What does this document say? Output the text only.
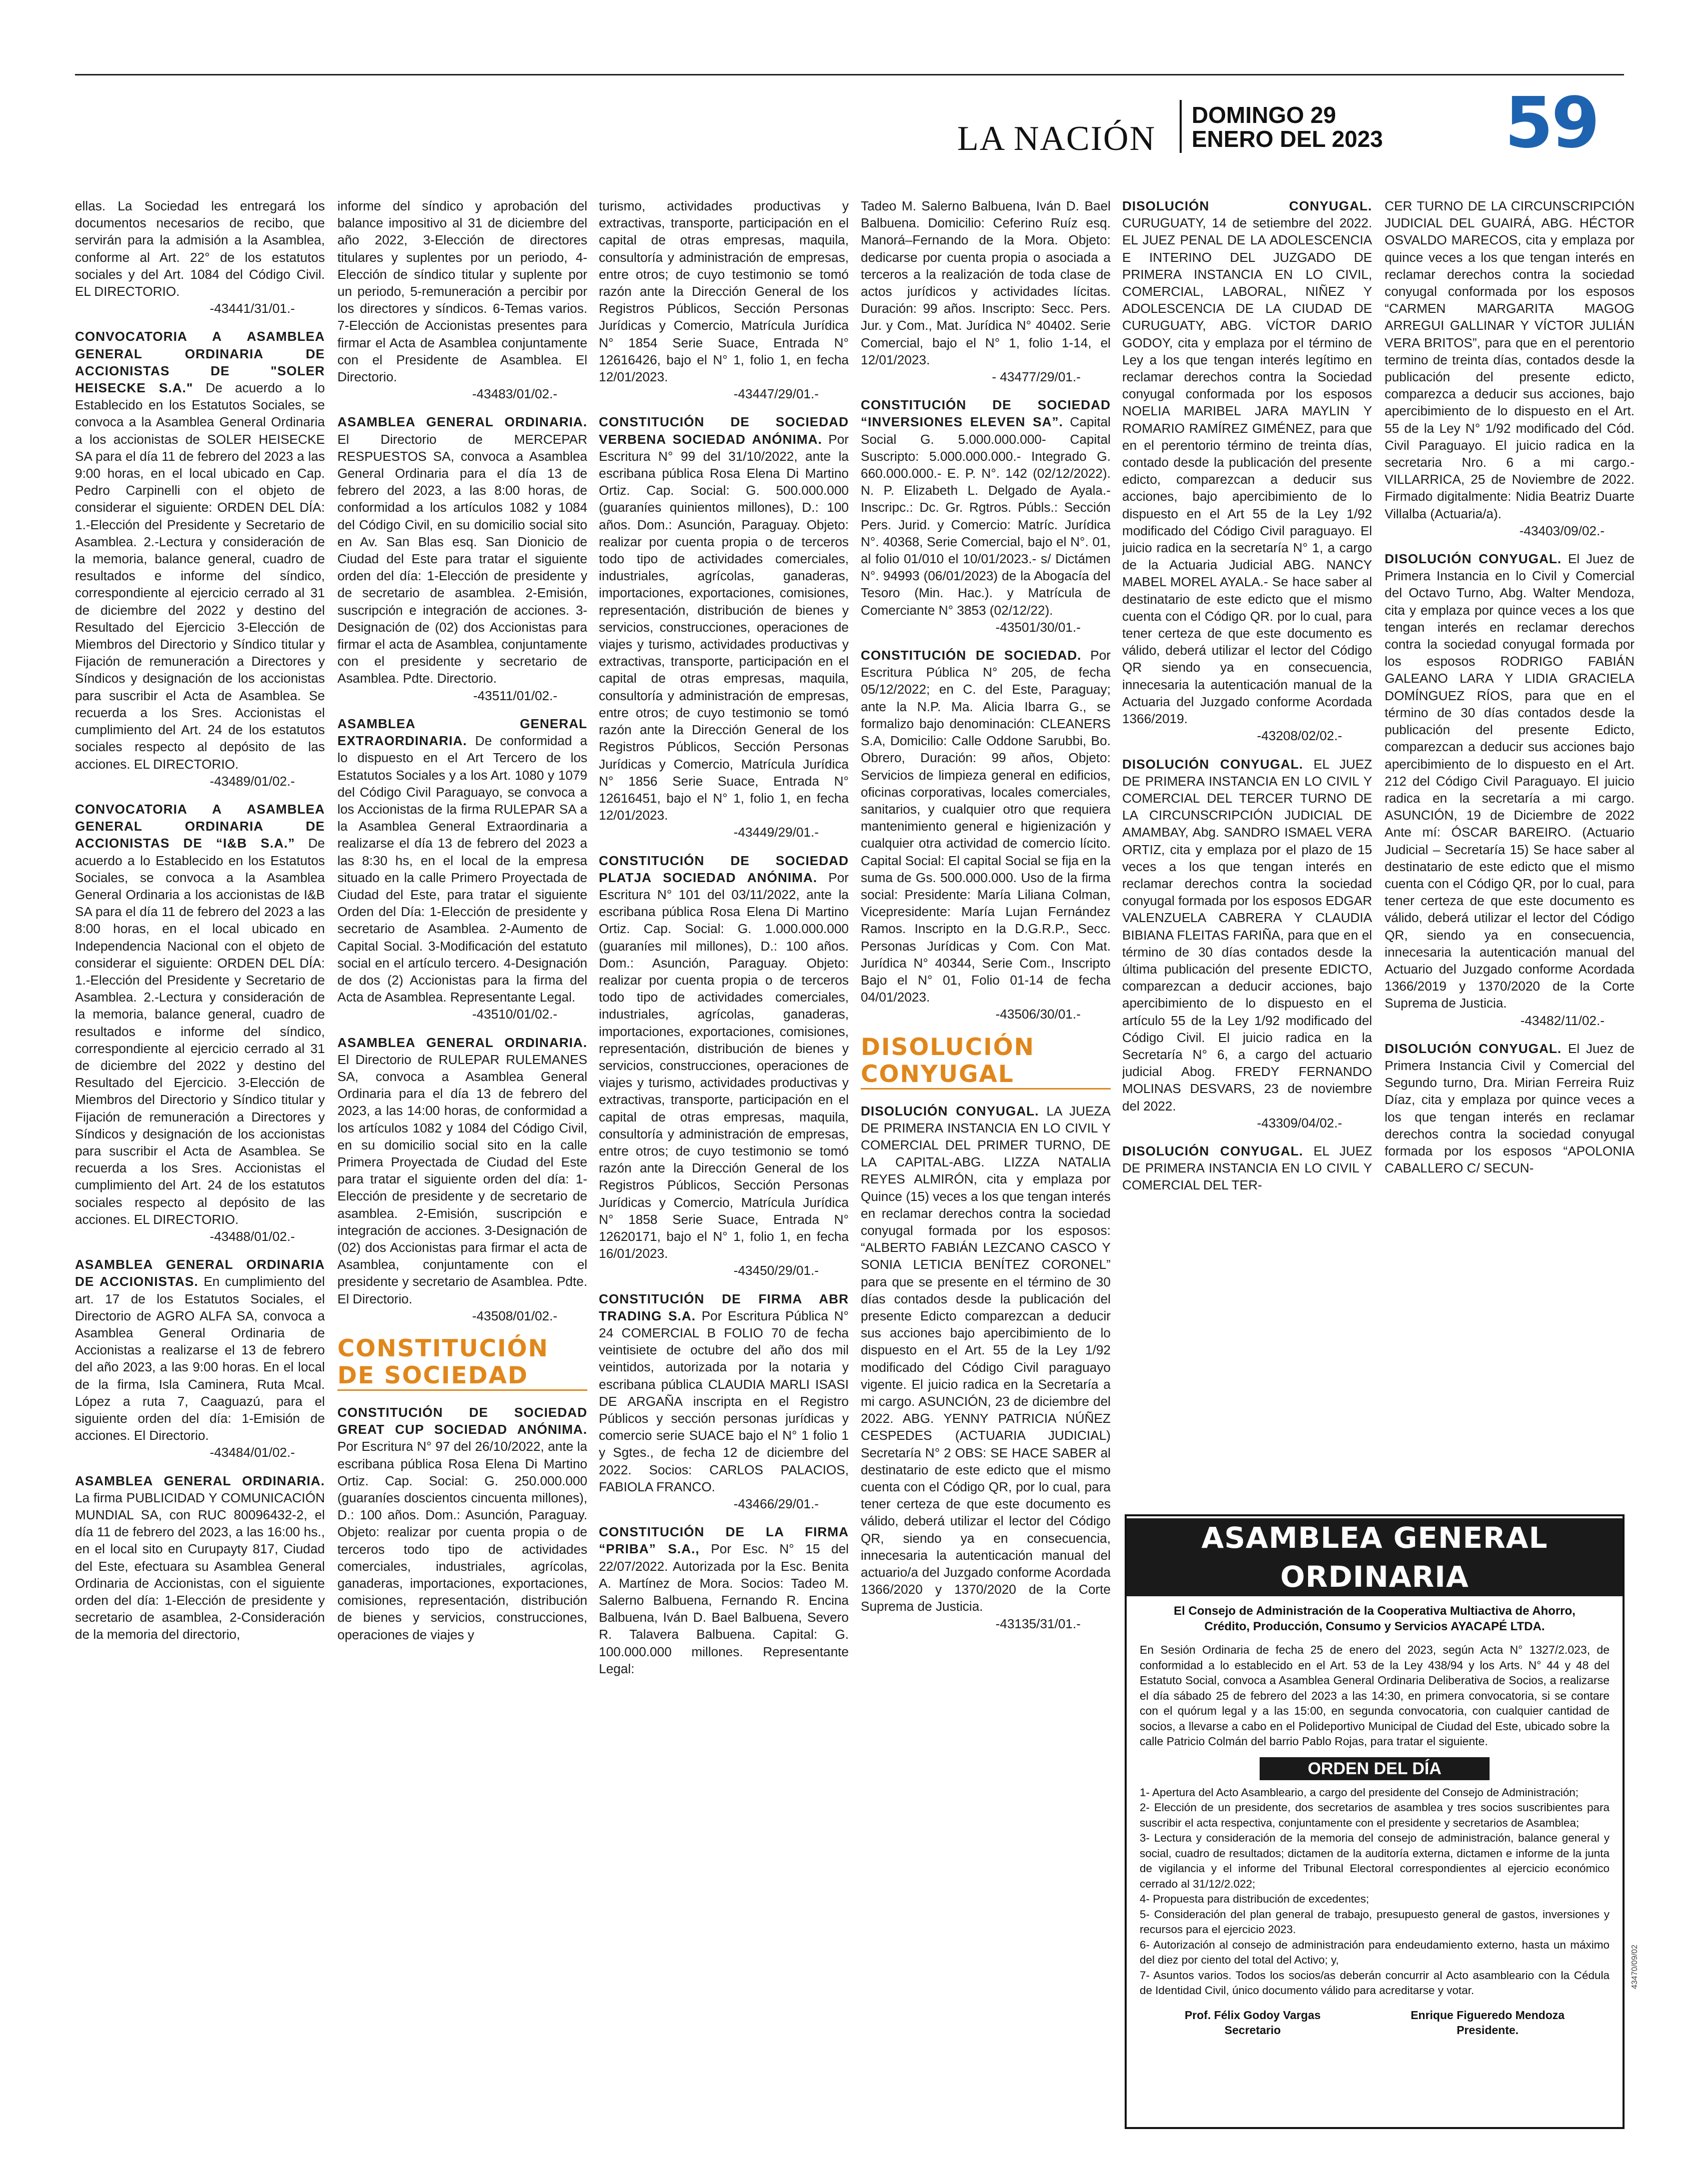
LA NACIÓN
DOMINGO 29
ENERO DEL 2023 59
ellas. La Sociedad les entregará los documentos necesarios de recibo, que servirán para la admisión a la Asamblea, conforme al Art. 22° de los estatutos sociales y del Art. 1084 del Código Civil. EL DIRECTORIO.
-43441/31/01.-
CONVOCATORIA A ASAMBLEA GENERAL ORDINARIA DE ACCIONISTAS DE "SOLER HEISECKE S.A." De acuerdo a lo Establecido en los Estatutos Sociales, se convoca a la Asamblea General Ordinaria a los accionistas de SOLER HEISECKE SA para el día 11 de febrero del 2023 a las 9:00 horas, en el local ubicado en Cap. Pedro Carpinelli con el objeto de considerar el siguiente: ORDEN DEL DÍA: 1.-Elección del Presidente y Secretario de Asamblea. 2.-Lectura y consideración de la memoria, balance general, cuadro de resultados e informe del síndico, correspondiente al ejercicio cerrado al 31 de diciembre del 2022 y destino del Resultado del Ejercicio 3-Elección de Miembros del Directorio y Síndico titular y Fijación de remuneración a Directores y Síndicos y designación de los accionistas para suscribir el Acta de Asamblea. Se recuerda a los Sres. Accionistas el cumplimiento del Art. 24 de los estatutos sociales respecto al depósito de las acciones. EL DIRECTORIO.
-43489/01/02.-
CONVOCATORIA A ASAMBLEA GENERAL ORDINARIA DE ACCIONISTAS DE “I&B S.A.” De acuerdo a lo Establecido en los Estatutos Sociales, se convoca a la Asamblea General Ordinaria a los accionistas de I&B SA para el día 11 de febrero del 2023 a las 8:00 horas, en el local ubicado en Independencia Nacional con el objeto de considerar el siguiente: ORDEN DEL DÍA: 1.-Elección del Presidente y Secretario de Asamblea. 2.-Lectura y consideración de la memoria, balance general, cuadro de resultados e informe del síndico, correspondiente al ejercicio cerrado al 31 de diciembre del 2022 y destino del Resultado del Ejercicio. 3-Elección de Miembros del Directorio y Síndico titular y Fijación de remuneración a Directores y Síndicos y designación de los accionistas para suscribir el Acta de Asamblea. Se recuerda a los Sres. Accionistas el cumplimiento del Art. 24 de los estatutos sociales respecto al depósito de las acciones. EL DIRECTORIO.
-43488/01/02.-
ASAMBLEA GENERAL ORDINARIA DE ACCIONISTAS. En cumplimiento del art. 17 de los Estatutos Sociales, el Directorio de AGRO ALFA SA, convoca a Asamblea General Ordinaria de Accionistas a realizarse el 13 de febrero del año 2023, a las 9:00 horas. En el local de la firma, Isla Caminera, Ruta Mcal. López a ruta 7, Caaguazú, para el siguiente orden del día: 1-Emisión de acciones. El Directorio.
-43484/01/02.-
ASAMBLEA GENERAL ORDINARIA. La firma PUBLICIDAD Y COMUNICACIÓN MUNDIAL SA, con RUC 80096432-2, el día 11 de febrero del 2023, a las 16:00 hs., en el local sito en Curupayty 817, Ciudad del Este, efectuara su Asamblea General Ordinaria de Accionistas, con el siguiente orden del día: 1-Elección de presidente y secretario de asamblea, 2-Consideración de la memoria del directorio,
informe del síndico y aprobación del balance impositivo al 31 de diciembre del año 2022, 3-Elección de directores titulares y suplentes por un periodo, 4-Elección de síndico titular y suplente por un periodo, 5-remuneración a percibir por los directores y síndicos. 6-Temas varios. 7-Elección de Accionistas presentes para firmar el Acta de Asamblea conjuntamente con el Presidente de Asamblea. El Directorio.
-43483/01/02.-
ASAMBLEA GENERAL ORDINARIA. El Directorio de MERCEPAR RESPUESTOS SA, convoca a Asamblea General Ordinaria para el día 13 de febrero del 2023, a las 8:00 horas, de conformidad a los artículos 1082 y 1084 del Código Civil, en su domicilio social sito en Av. San Blas esq. San Dionicio de Ciudad del Este para tratar el siguiente orden del día: 1-Elección de presidente y de secretario de asamblea. 2-Emisión, suscripción e integración de acciones. 3-Designación de (02) dos Accionistas para firmar el acta de Asamblea, conjuntamente con el presidente y secretario de Asamblea. Pdte. Directorio.
-43511/01/02.-
ASAMBLEA GENERAL EXTRAORDINARIA. De conformidad a lo dispuesto en el Art Tercero de los Estatutos Sociales y a los Art. 1080 y 1079 del Código Civil Paraguayo, se convoca a los Accionistas de la firma RULEPAR SA a la Asamblea General Extraordinaria a realizarse el día 13 de febrero del 2023 a las 8:30 hs, en el local de la empresa situado en la calle Primero Proyectada de Ciudad del Este, para tratar el siguiente Orden del Día: 1-Elección de presidente y secretario de Asamblea. 2-Aumento de Capital Social. 3-Modificación del estatuto social en el artículo tercero. 4-Designación de dos (2) Accionistas para la firma del Acta de Asamblea. Representante Legal.
-43510/01/02.-
ASAMBLEA GENERAL ORDINARIA. El Directorio de RULEPAR RULEMANES SA, convoca a Asamblea General Ordinaria para el día 13 de febrero del 2023, a las 14:00 horas, de conformidad a los artículos 1082 y 1084 del Código Civil, en su domicilio social sito en la calle Primera Proyectada de Ciudad del Este para tratar el siguiente orden del día: 1-Elección de presidente y de secretario de asamblea. 2-Emisión, suscripción e integración de acciones. 3-Designación de (02) dos Accionistas para firmar el acta de Asamblea, conjuntamente con el presidente y secretario de Asamblea. Pdte. El Directorio.
-43508/01/02.-
CONSTITUCIÓN DE SOCIEDAD
CONSTITUCIÓN DE SOCIEDAD GREAT CUP SOCIEDAD ANÓNIMA. Por Escritura N° 97 del 26/10/2022, ante la escribana pública Rosa Elena Di Martino Ortiz. Cap. Social: G. 250.000.000 (guaraníes doscientos cincuenta millones), D.: 100 años. Dom.: Asunción, Paraguay. Objeto: realizar por cuenta propia o de terceros todo tipo de actividades comerciales, industriales, agrícolas, ganaderas, importaciones, exportaciones, comisiones, representación, distribución de bienes y servicios, construcciones, operaciones de viajes y
turismo, actividades productivas y extractivas, transporte, participación en el capital de otras empresas, maquila, consultoría y administración de empresas, entre otros; de cuyo testimonio se tomó razón ante la Dirección General de los Registros Públicos, Sección Personas Jurídicas y Comercio, Matrícula Jurídica N° 1854 Serie Suace, Entrada N° 12616426, bajo el N° 1, folio 1, en fecha 12/01/2023.
-43447/29/01.-
CONSTITUCIÓN DE SOCIEDAD VERBENA SOCIEDAD ANÓNIMA. Por Escritura N° 99 del 31/10/2022, ante la escribana pública Rosa Elena Di Martino Ortiz. Cap. Social: G. 500.000.000 (guaraníes quinientos millones), D.: 100 años. Dom.: Asunción, Paraguay. Objeto: realizar por cuenta propia o de terceros todo tipo de actividades comerciales, industriales, agrícolas, ganaderas, importaciones, exportaciones, comisiones, representación, distribución de bienes y servicios, construcciones, operaciones de viajes y turismo, actividades productivas y extractivas, transporte, participación en el capital de otras empresas, maquila, consultoría y administración de empresas, entre otros; de cuyo testimonio se tomó razón ante la Dirección General de los Registros Públicos, Sección Personas Jurídicas y Comercio, Matrícula Jurídica N° 1856 Serie Suace, Entrada N° 12616451, bajo el N° 1, folio 1, en fecha 12/01/2023.
-43449/29/01.-
CONSTITUCIÓN DE SOCIEDAD PLATJA SOCIEDAD ANÓNIMA. Por Escritura N° 101 del 03/11/2022, ante la escribana pública Rosa Elena Di Martino Ortiz. Cap. Social: G. 1.000.000.000 (guaraníes mil millones), D.: 100 años. Dom.: Asunción, Paraguay. Objeto: realizar por cuenta propia o de terceros todo tipo de actividades comerciales, industriales, agrícolas, ganaderas, importaciones, exportaciones, comisiones, representación, distribución de bienes y servicios, construcciones, operaciones de viajes y turismo, actividades productivas y extractivas, transporte, participación en el capital de otras empresas, maquila, consultoría y administración de empresas, entre otros; de cuyo testimonio se tomó razón ante la Dirección General de los Registros Públicos, Sección Personas Jurídicas y Comercio, Matrícula Jurídica N° 1858 Serie Suace, Entrada N° 12620171, bajo el N° 1, folio 1, en fecha 16/01/2023.
-43450/29/01.-
CONSTITUCIÓN DE FIRMA ABR TRADING S.A. Por Escritura Pública N° 24 COMERCIAL B FOLIO 70 de fecha veintisiete de octubre del año dos mil veintidos, autorizada por la notaria y escribana pública CLAUDIA MARLI ISASI DE ARGAÑA inscripta en el Registro Públicos y sección personas jurídicas y comercio serie SUACE bajo el N° 1 folio 1 y Sgtes., de fecha 12 de diciembre del 2022. Socios: CARLOS PALACIOS, FABIOLA FRANCO.
-43466/29/01.-
CONSTITUCIÓN DE LA FIRMA “PRIBA” S.A., Por Esc. N° 15 del 22/07/2022. Autorizada por la Esc. Benita A. Martínez de Mora. Socios: Tadeo M. Salerno Balbuena, Fernando R. Encina Balbuena, Iván D. Bael Balbuena, Severo R. Talavera Balbuena. Capital: G. 100.000.000 millones. Representante Legal:
Tadeo M. Salerno Balbuena, Iván D. Bael Balbuena. Domicilio: Ceferino Ruíz esq. Manorá–Fernando de la Mora. Objeto: dedicarse por cuenta propia o asociada a terceros a la realización de toda clase de actos jurídicos y actividades lícitas. Duración: 99 años. Inscripto: Secc. Pers. Jur. y Com., Mat. Jurídica N° 40402. Serie Comercial, bajo el N° 1, folio 1-14, el 12/01/2023.
- 43477/29/01.-
CONSTITUCIÓN DE SOCIEDAD “INVERSIONES ELEVEN SA”. Capital Social G. 5.000.000.000- Capital Suscripto: 5.000.000.000.- Integrado G. 660.000.000.- E. P. N°. 142 (02/12/2022). N. P. Elizabeth L. Delgado de Ayala.- Inscripc.: Dc. Gr. Rgtros. Públs.: Sección Pers. Jurid. y Comercio: Matríc. Jurídica N°. 40368, Serie Comercial, bajo el N°. 01, al folio 01/010 el 10/01/2023.- s/ Dictámen N°. 94993 (06/01/2023) de la Abogacía del Tesoro (Min. Hac.). y Matrícula de Comerciante N° 3853 (02/12/22).
-43501/30/01.-
CONSTITUCIÓN DE SOCIEDAD. Por Escritura Pública N° 205, de fecha 05/12/2022; en C. del Este, Paraguay; ante la N.P. Ma. Alicia Ibarra G., se formalizo bajo denominación: CLEANERS S.A, Domicilio: Calle Oddone Sarubbi, Bo. Obrero, Duración: 99 años, Objeto: Servicios de limpieza general en edificios, oficinas corporativas, locales comerciales, sanitarios, y cualquier otro que requiera mantenimiento general e higienización y cualquier otra actividad de comercio lícito. Capital Social: El capital Social se fija en la suma de Gs. 500.000.000. Uso de la firma social: Presidente: María Liliana Colman, Vicepresidente: María Lujan Fernández Ramos. Inscripto en la D.G.R.P., Secc. Personas Jurídicas y Com. Con Mat. Jurídica N° 40344, Serie Com., Inscripto Bajo el N° 01, Folio 01-14 de fecha 04/01/2023.
-43506/30/01.-
DISOLUCIÓN CONYUGAL
DISOLUCIÓN CONYUGAL. LA JUEZA DE PRIMERA INSTANCIA EN LO CIVIL Y COMERCIAL DEL PRIMER TURNO, DE LA CAPITAL-ABG. LIZZA NATALIA REYES ALMIRÓN, cita y emplaza por Quince (15) veces a los que tengan interés en reclamar derechos contra la sociedad conyugal formada por los esposos: “ALBERTO FABIÁN LEZCANO CASCO Y SONIA LETICIA BENÍTEZ CORONEL” para que se presente en el término de 30 días contados desde la publicación del presente Edicto comparezcan a deducir sus acciones bajo apercibimiento de lo dispuesto en el Art. 55 de la Ley 1/92 modificado del Código Civil paraguayo vigente. El juicio radica en la Secretaría a mi cargo. ASUNCIÓN, 23 de diciembre del 2022. ABG. YENNY PATRICIA NÚÑEZ CESPEDES (ACTUARIA JUDICIAL) Secretaría N° 2 OBS: SE HACE SABER al destinatario de este edicto que el mismo cuenta con el Código QR, por lo cual, para tener certeza de que este documento es válido, deberá utilizar el lector del Código QR, siendo ya en consecuencia, innecesaria la autenticación manual del actuario/a del Juzgado conforme Acordada 1366/2020 y 1370/2020 de la Corte Suprema de Justicia.
-43135/31/01.-
DISOLUCIÓN CONYUGAL. CURUGUATY, 14 de setiembre del 2022. EL JUEZ PENAL DE LA ADOLESCENCIA E INTERINO DEL JUZGADO DE PRIMERA INSTANCIA EN LO CIVIL, COMERCIAL, LABORAL, NIÑEZ Y ADOLESCENCIA DE LA CIUDAD DE CURUGUATY, ABG. VÍCTOR DARIO GODOY, cita y emplaza por el término de Ley a los que tengan interés legítimo en reclamar derechos contra la Sociedad conyugal conformada por los esposos NOELIA MARIBEL JARA MAYLIN Y ROMARIO RAMÍREZ GIMÉNEZ, para que en el perentorio término de treinta días, contado desde la publicación del presente edicto, comparezcan a deducir sus acciones, bajo apercibimiento de lo dispuesto en el Art 55 de la Ley 1/92 modificado del Código Civil paraguayo. El juicio radica en la secretaría N° 1, a cargo de la Actuaria Judicial ABG. NANCY MABEL MOREL AYALA.- Se hace saber al destinatario de este edicto que el mismo cuenta con el Código QR. por lo cual, para tener certeza de que este documento es válido, deberá utilizar el lector del Código QR siendo ya en consecuencia, innecesaria la autenticación manual de la Actuaria del Juzgado conforme Acordada 1366/2019.
-43208/02/02.-
DISOLUCIÓN CONYUGAL. EL JUEZ DE PRIMERA INSTANCIA EN LO CIVIL Y COMERCIAL DEL TERCER TURNO DE LA CIRCUNSCRIPCIÓN JUDICIAL DE AMAMBAY, Abg. SANDRO ISMAEL VERA ORTIZ, cita y emplaza por el plazo de 15 veces a los que tengan interés en reclamar derechos contra la sociedad conyugal formada por los esposos EDGAR VALENZUELA CABRERA Y CLAUDIA BIBIANA FLEITAS FARIÑA, para que en el término de 30 días contados desde la última publicación del presente EDICTO, comparezcan a deducir acciones, bajo apercibimiento de lo dispuesto en el artículo 55 de la Ley 1/92 modificado del Código Civil. El juicio radica en la Secretaría N° 6, a cargo del actuario judicial Abog. FREDY FERNANDO MOLINAS DESVARS, 23 de noviembre del 2022.
-43309/04/02.-
DISOLUCIÓN CONYUGAL. EL JUEZ DE PRIMERA INSTANCIA EN LO CIVIL Y COMERCIAL DEL TER-
CER TURNO DE LA CIRCUNSCRIPCIÓN JUDICIAL DEL GUAIRÁ, ABG. HÉCTOR OSVALDO MARECOS, cita y emplaza por quince veces a los que tengan interés en reclamar derechos contra la sociedad conyugal conformada por los esposos “CARMEN MARGARITA MAGOG ARREGUI GALLINAR Y VÍCTOR JULIÁN VERA BRITOS”, para que en el perentorio termino de treinta días, contados desde la publicación del presente edicto, comparezca a deducir sus acciones, bajo apercibimiento de lo dispuesto en el Art. 55 de la Ley N° 1/92 modificado del Cód. Civil Paraguayo. El juicio radica en la secretaria Nro. 6 a mi cargo.- VILLARRICA, 25 de Noviembre de 2022. Firmado digitalmente: Nidia Beatriz Duarte Villalba (Actuaria/a).
-43403/09/02.-
DISOLUCIÓN CONYUGAL. El Juez de Primera Instancia en lo Civil y Comercial del Octavo Turno, Abg. Walter Mendoza, cita y emplaza por quince veces a los que tengan interés en reclamar derechos contra la sociedad conyugal formada por los esposos RODRIGO FABIÁN GALEANO LARA Y LIDIA GRACIELA DOMÍNGUEZ RÍOS, para que en el término de 30 días contados desde la publicación del presente Edicto, comparezcan a deducir sus acciones bajo apercibimiento de lo dispuesto en el Art. 212 del Código Civil Paraguayo. El juicio radica en la secretaría a mi cargo. ASUNCIÓN, 19 de Diciembre de 2022 Ante mí: ÓSCAR BAREIRO. (Actuario Judicial – Secretaría 15) Se hace saber al destinatario de este edicto que el mismo cuenta con el Código QR, por lo cual, para tener certeza de que este documento es válido, deberá utilizar el lector del Código QR, siendo ya en consecuencia, innecesaria la autenticación manual del Actuario del Juzgado conforme Acordada 1366/2019 y 1370/2020 de la Corte Suprema de Justicia.
-43482/11/02.-
DISOLUCIÓN CONYUGAL. El Juez de Primera Instancia Civil y Comercial del Segundo turno, Dra. Mirian Ferreira Ruiz Díaz, cita y emplaza por quince veces a los que tengan interés en reclamar derechos contra la sociedad conyugal formada por los esposos “APOLONIA CABALLERO C/ SECUN-
ASAMBLEA GENERAL ORDINARIA
El Consejo de Administración de la Cooperativa Multiactiva de Ahorro, Crédito, Producción, Consumo y Servicios AYACAPÉ LTDA.
En Sesión Ordinaria de fecha 25 de enero del 2023, según Acta N° 1327/2.023, de conformidad a lo establecido en el Art. 53 de la Ley 438/94 y los Arts. N° 44 y 48 del Estatuto Social, convoca a Asamblea General Ordinaria Deliberativa de Socios, a realizarse el día sábado 25 de febrero del 2023 a las 14:30, en primera convocatoria, si se contare con el quórum legal y a las 15:00, en segunda convocatoria, con cualquier cantidad de socios, a llevarse a cabo en el Polideportivo Municipal de Ciudad del Este, ubicado sobre la calle Patricio Colmán del barrio Pablo Rojas, para tratar el siguiente.
ORDEN DEL DÍA
1- Apertura del Acto Asambleario, a cargo del presidente del Consejo de Administración;
2- Elección de un presidente, dos secretarios de asamblea y tres socios suscribientes para suscribir el acta respectiva, conjuntamente con el presidente y secretarios de Asamblea;
3- Lectura y consideración de la memoria del consejo de administración, balance general y social, cuadro de resultados; dictamen de la auditoría externa, dictamen e informe de la junta de vigilancia y el informe del Tribunal Electoral correspondientes al ejercicio económico cerrado al 31/12/2.022;
4- Propuesta para distribución de excedentes;
5- Consideración del plan general de trabajo, presupuesto general de gastos, inversiones y recursos para el ejercicio 2023.
6- Autorización al consejo de administración para endeudamiento externo, hasta un máximo del diez por ciento del total del Activo; y,
7- Asuntos varios. Todos los socios/as deberán concurrir al Acto asambleario con la Cédula de Identidad Civil, único documento válido para acreditarse y votar.
Prof. Félix Godoy Vargas
Secretario
Enrique Figueredo Mendoza
Presidente.
43470/09/02
